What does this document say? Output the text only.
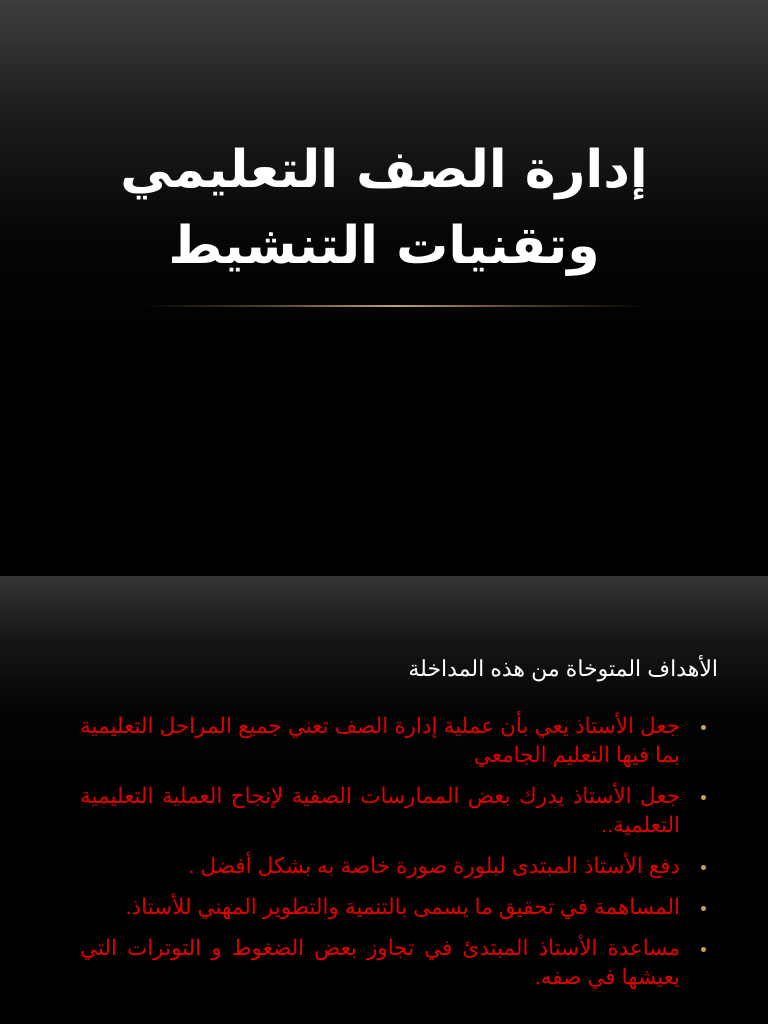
إدارة الصف التعليمي
وتقنيات التنشيط
الأهداف المتوخاة من هذه المداخلة
جعل الأستاذ يعي بأن عملية إدارة الصف تعني جميع المراحل التعليمية بما فيها التعليم الجامعي
جعل الأستاذ يدرك بعض الممارسات الصفية لإنجاح العملية التعليمية التعلمية..
دفع الأستاذ المبتدى لبلورة صورة خاصة به بشكل أفضل .
المساهمة في تحقيق ما يسمى بالتنمية والتطوير المهني للأستاذ.
مساعدة الأستاذ المبتدئ في تجاوز بعض الضغوط و التوترات التي يعيشها في صفه.
